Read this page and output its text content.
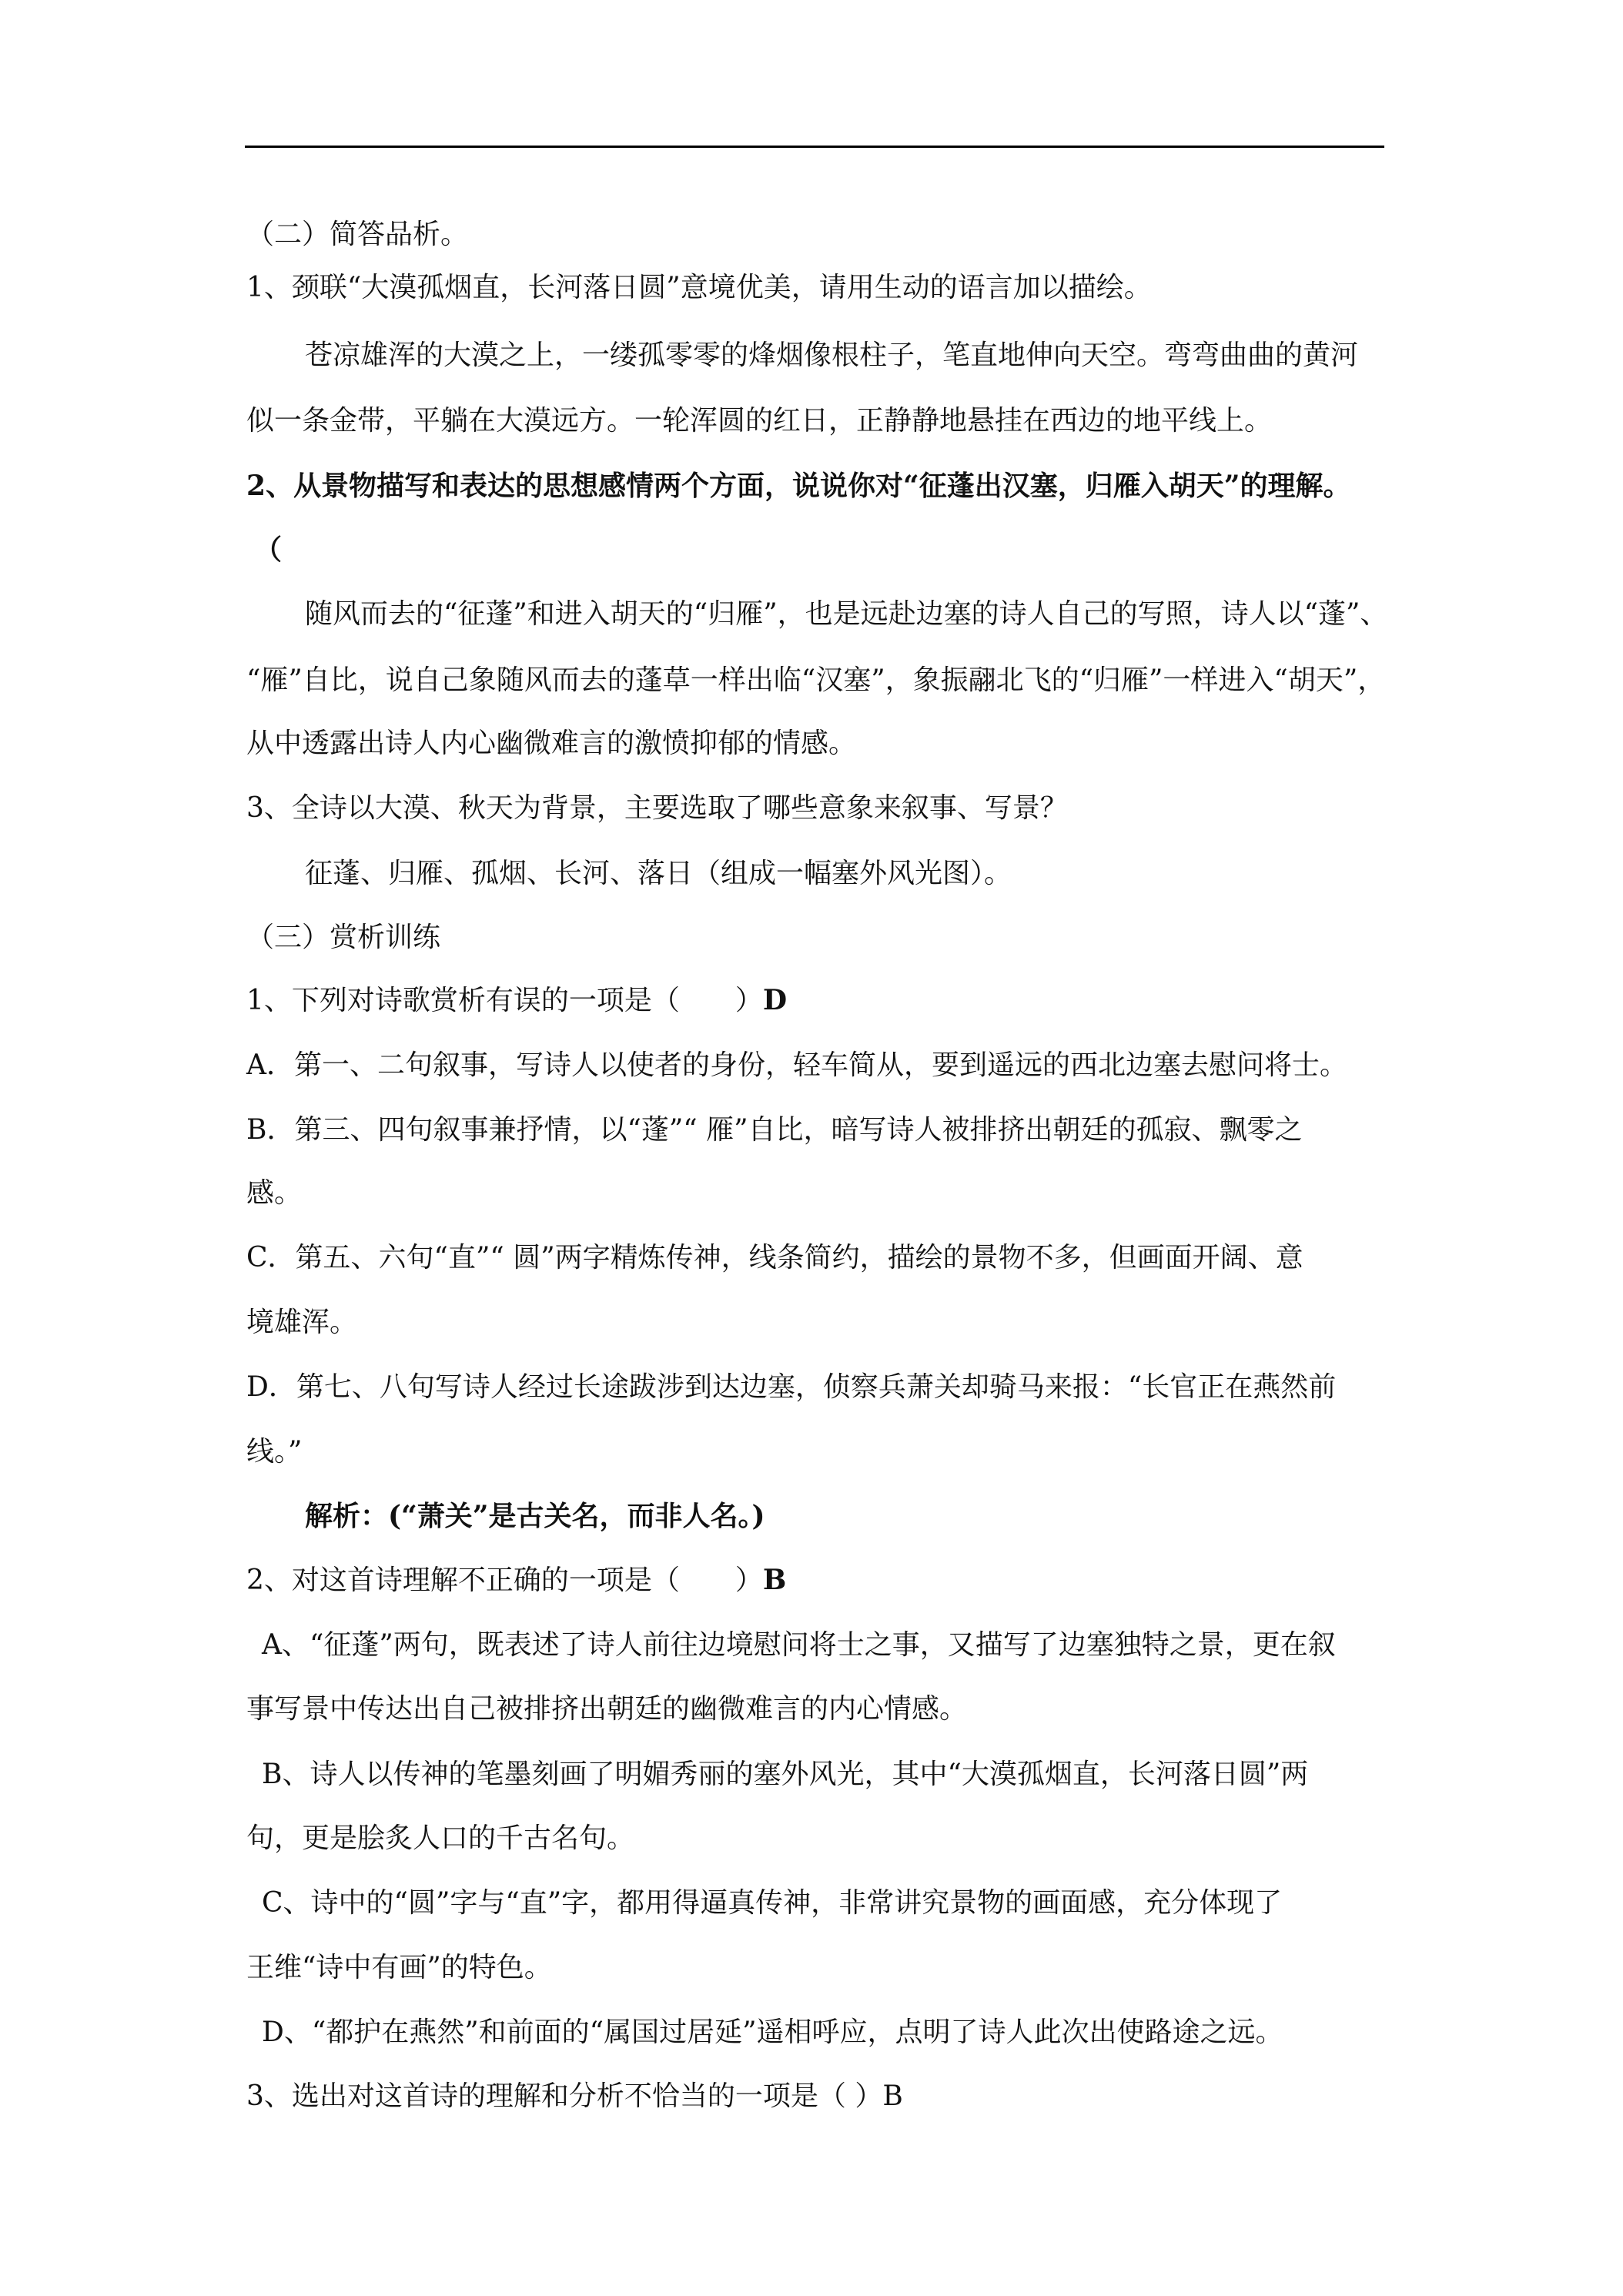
（二）简答品析。
1、颈联“大漠孤烟直，长河落日圆”意境优美，请用生动的语言加以描绘。
苍凉雄浑的大漠之上，一缕孤零零的烽烟像根柱子，笔直地伸向天空。弯弯曲曲的黄河
似一条金带，平躺在大漠远方。一轮浑圆的红日，正静静地悬挂在西边的地平线上。
2、从景物描写和表达的思想感情两个方面，说说你对“征蓬出汉塞，归雁入胡天”的理解。
（
随风而去的“征蓬”和进入胡天的“归雁”，也是远赴边塞的诗人自己的写照，诗人以“蓬”、
“雁”自比，说自己象随风而去的蓬草一样出临“汉塞”，象振翮北飞的“归雁”一样进入“胡天”，
从中透露出诗人内心幽微难言的激愤抑郁的情感。
3、全诗以大漠、秋天为背景，主要选取了哪些意象来叙事、写景？
征蓬、归雁、孤烟、长河、落日（组成一幅塞外风光图）。
（三）赏析训练
1、下列对诗歌赏析有误的一项是（　　）D
A．第一、二句叙事，写诗人以使者的身份，轻车简从，要到遥远的西北边塞去慰问将士。
B．第三、四句叙事兼抒情，以“蓬”“ 雁”自比，暗写诗人被排挤出朝廷的孤寂、飘零之
感。
C．第五、六句“直”“ 圆”两字精炼传神，线条简约，描绘的景物不多，但画面开阔、意
境雄浑。
D．第七、八句写诗人经过长途跋涉到达边塞，侦察兵萧关却骑马来报：“长官正在燕然前
线。”
解析：(“萧关”是古关名，而非人名。)
2、对这首诗理解不正确的一项是（　　）B
A、“征蓬”两句，既表述了诗人前往边境慰问将士之事，又描写了边塞独特之景，更在叙
事写景中传达出自己被排挤出朝廷的幽微难言的内心情感。
B、诗人以传神的笔墨刻画了明媚秀丽的塞外风光，其中“大漠孤烟直，长河落日圆”两
句，更是脍炙人口的千古名句。
C、诗中的“圆”字与“直”字，都用得逼真传神，非常讲究景物的画面感，充分体现了
王维“诗中有画”的特色。
D、“都护在燕然”和前面的“属国过居延”遥相呼应，点明了诗人此次出使路途之远。
3、选出对这首诗的理解和分析不恰当的一项是（ ）B
